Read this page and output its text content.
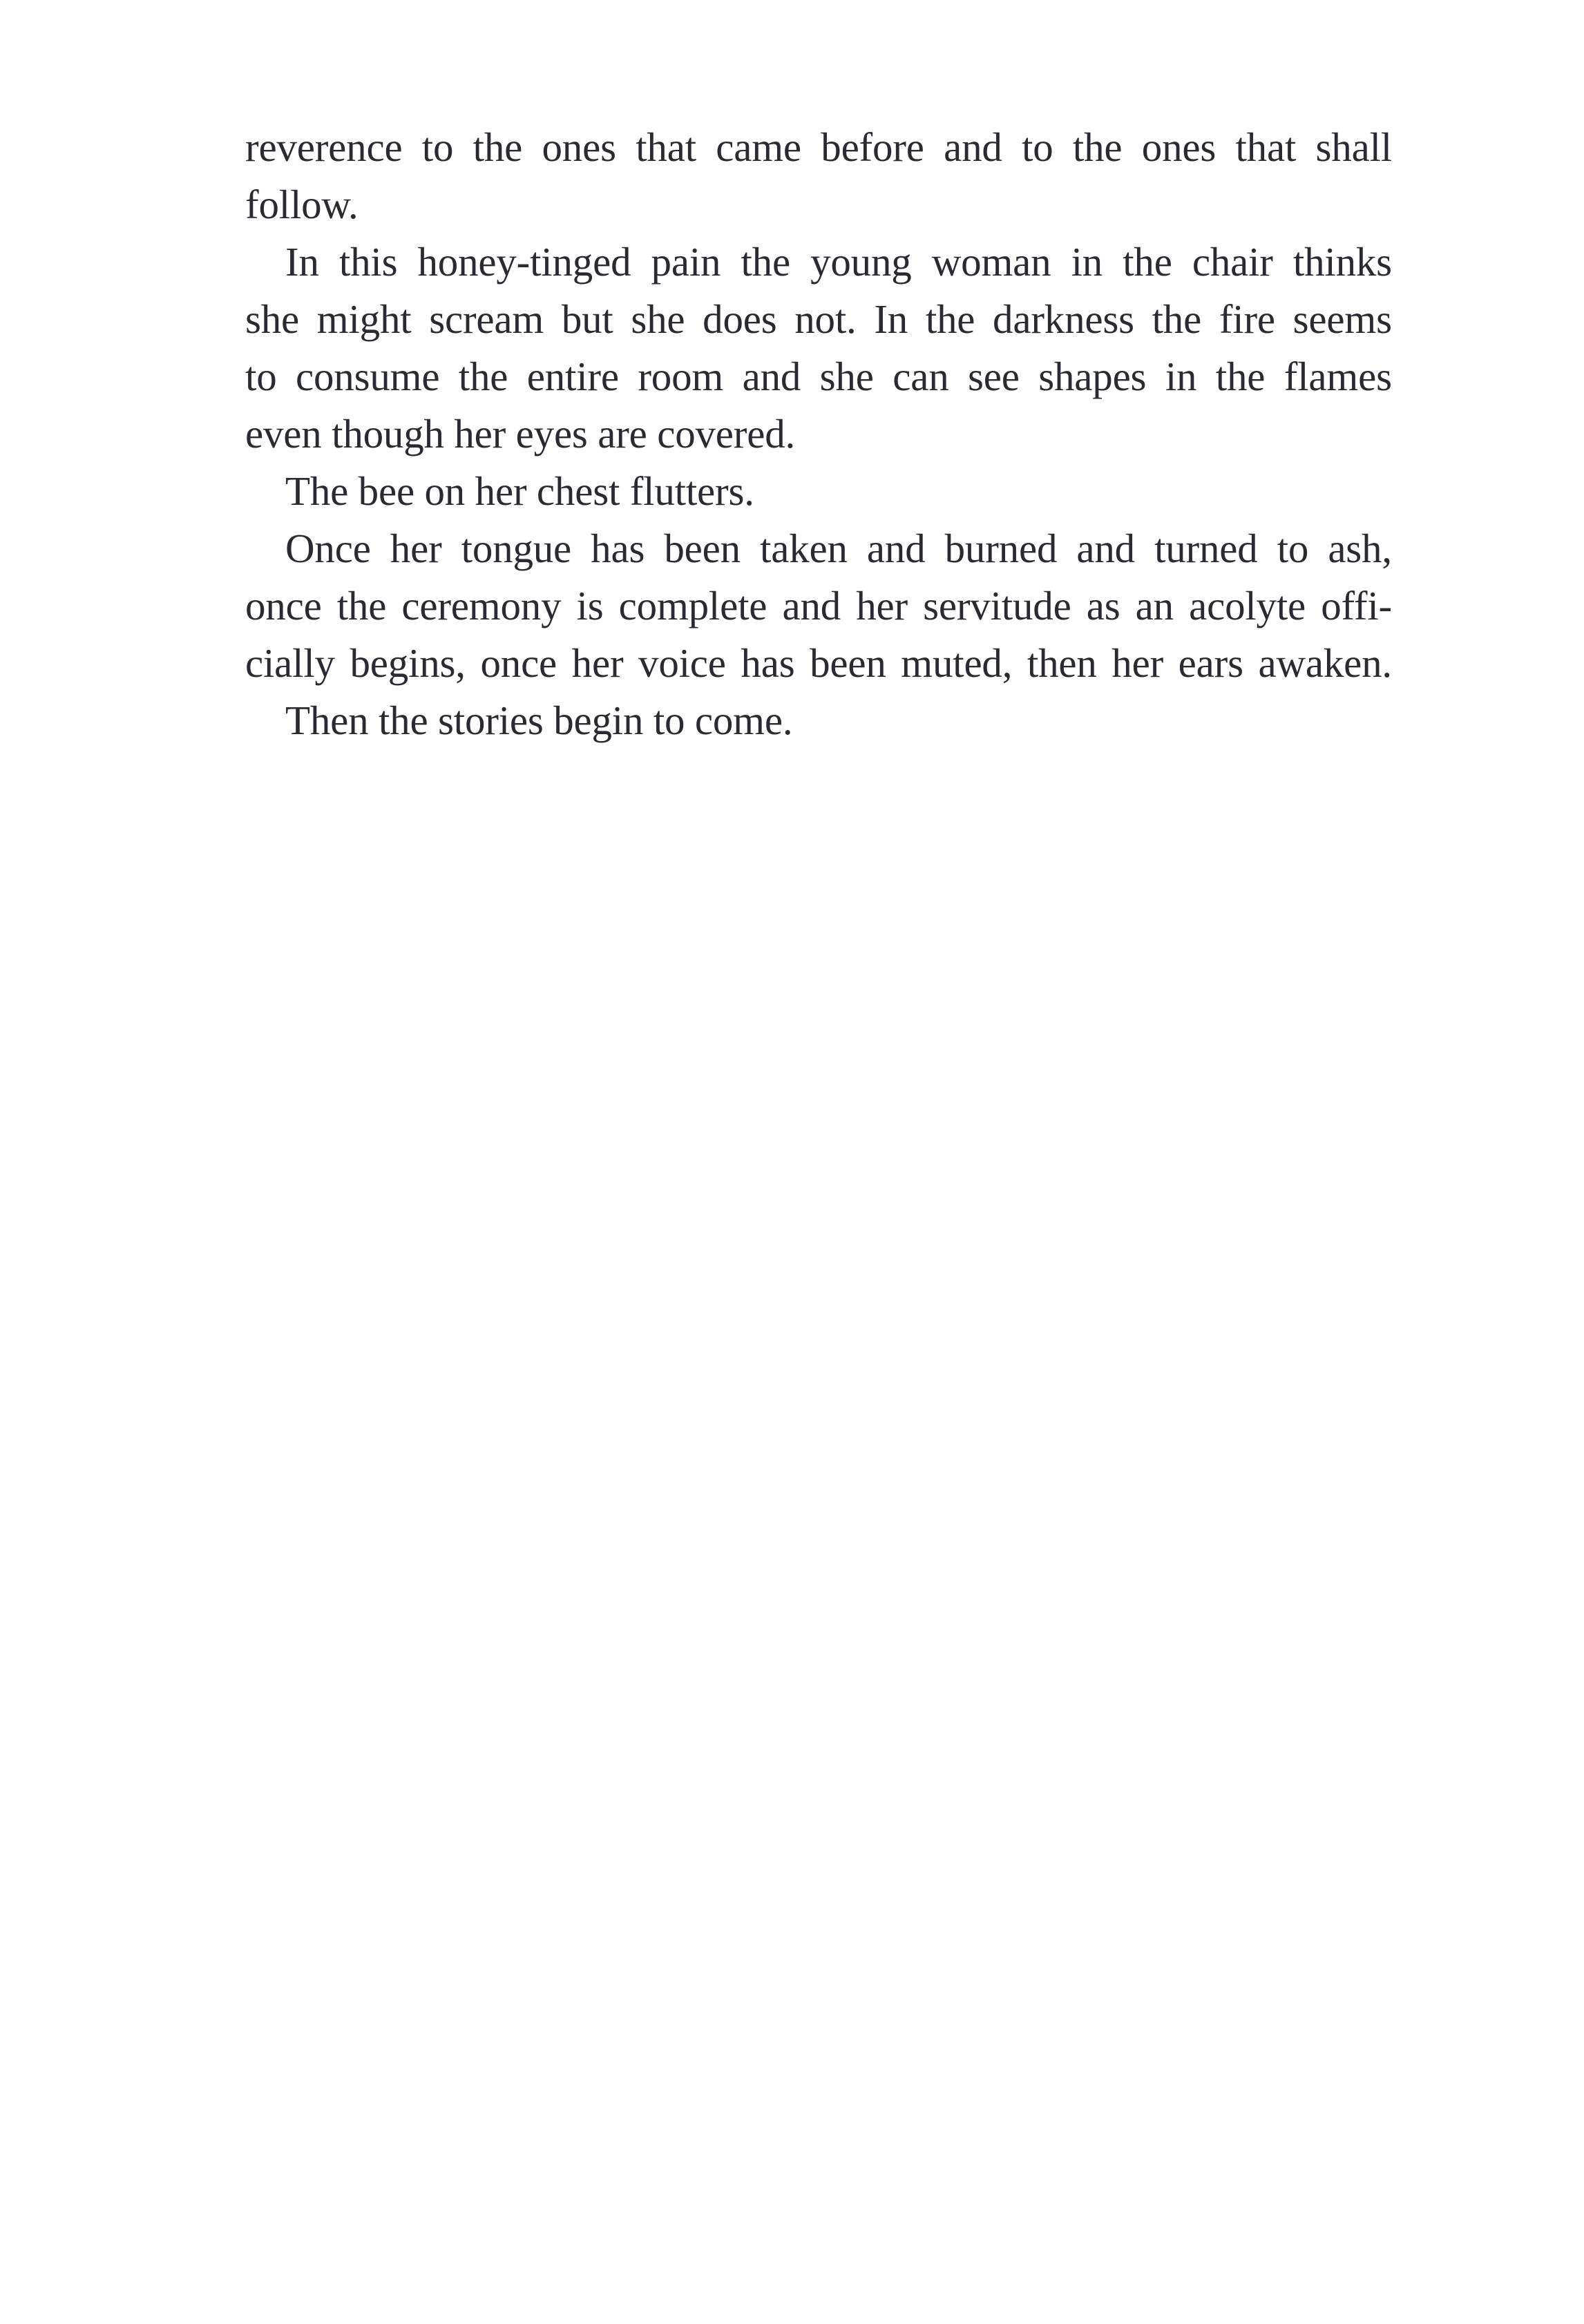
reverence to the ones that came before and to the ones that shall
follow.
In this honey-tinged pain the young woman in the chair thinks
she might scream but she does not. In the darkness the fire seems
to consume the entire room and she can see shapes in the flames
even though her eyes are covered.
The bee on her chest flutters.
Once her tongue has been taken and burned and turned to ash,
once the ceremony is complete and her servitude as an acolyte offi-
cially begins, once her voice has been muted, then her ears awaken.
Then the stories begin to come.
